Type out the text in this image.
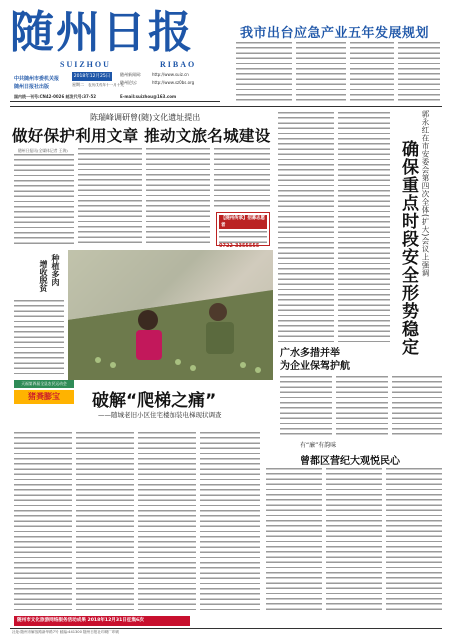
随州日报
SUIZHOU	RIBAO
中共随州市委机关报
随州日报社出版
2018年12月25日
星期二 农历戊戌年十一月十九
随州新闻网:	http://www.suiz.cn
随州论坛:	http://www.sz0bs.org
国内统一刊号:CN42-0026 邮发代号:37-52	E-mail:suizhou@163.com
我市出台应急产业五年发展规划
陈瑞峰调研曾(随)文化遗址提出
做好保护利用文章 推动文旅名城建设
随州日报讯(全媒体记者 王海)
【随州传承】招募志愿者
0722-3355555	郭永红在市安委会第四次全体(扩大)会议上强调
确保重点时段安全形势稳定
种植多肉
增收脱贫
天福第四届全县农民运动会
猪粪膨宝	破解“爬梯之痛”
——随城老旧小区住宅楼加装电梯现状调查
广水多措并举
为企业保驾护航
有“廉”有韵味
曾都区营纪大观悦民心
随州市文化旅游网络服务活动成果 2018年12月31日征集6次
社址:随州市解放路新华路7号 邮编:441300 随州日报社印刷厂印刷
